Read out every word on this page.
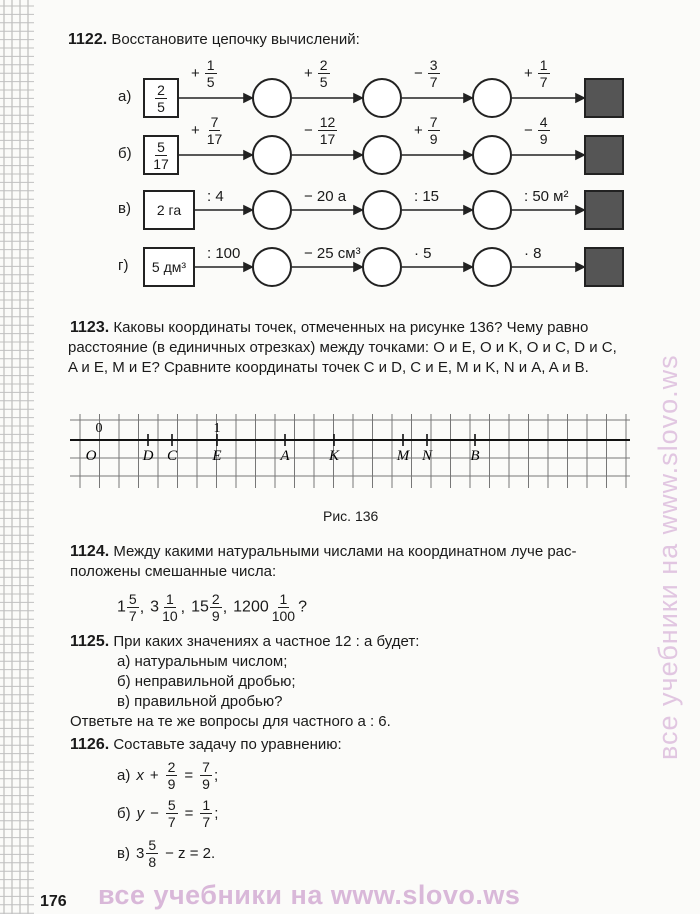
1122. Восстановите цепочку вычислений:
$а) \frac{2}{5}$
+ $\frac{1}{5}$	+ $\frac{2}{5}$	− $\frac{3}{7}$	+ $\frac{1}{7}$
$б) \frac{5}{17}$
+ $\frac{7}{17}$	− $\frac{12}{17}$	+ $\frac{7}{9}$	− $\frac{4}{9}$
в)	2 га
: 4	− 20 а	: 15	: 50 м²
г)	5 дм³
: 100	− 25 см³	· 5	· 8
1123. Каковы координаты точек, отмеченных на рисунке 136? Чему равно
расстояние (в единичных отрезках) между точками: O и E, O и K, O и C, D и C,
A и E, M и E? Сравните координаты точек C и D, C и E, M и K, N и A, A и B.
O	D C E	A	K	M N	B
0	1
Рис. 136
1124. Между какими натуральными числами на координатном луче рас-
положены смешанные числа:
$1 \frac{5}{7}$ , $3 \frac{1}{10}$ , $15 \frac{2}{9}$ , $1200 \frac{1}{100}$ ?
1125. При каких значениях a частное 12 : a будет:
а) натуральным числом;
б) неправильной дробью;
в) правильной дробью?
Ответьте на те же вопросы для частного a : 6.
1126. Составьте задачу по уравнению:
а) $x + \frac{2}{9} = \frac{7}{9}$ ;
б) $y - \frac{5}{7} = \frac{1}{7}$ ;
в) $3 \frac{5}{8} - z = 2$.
176 все учебники на www.slovo.ws
все учебники на www.slovo.ws
